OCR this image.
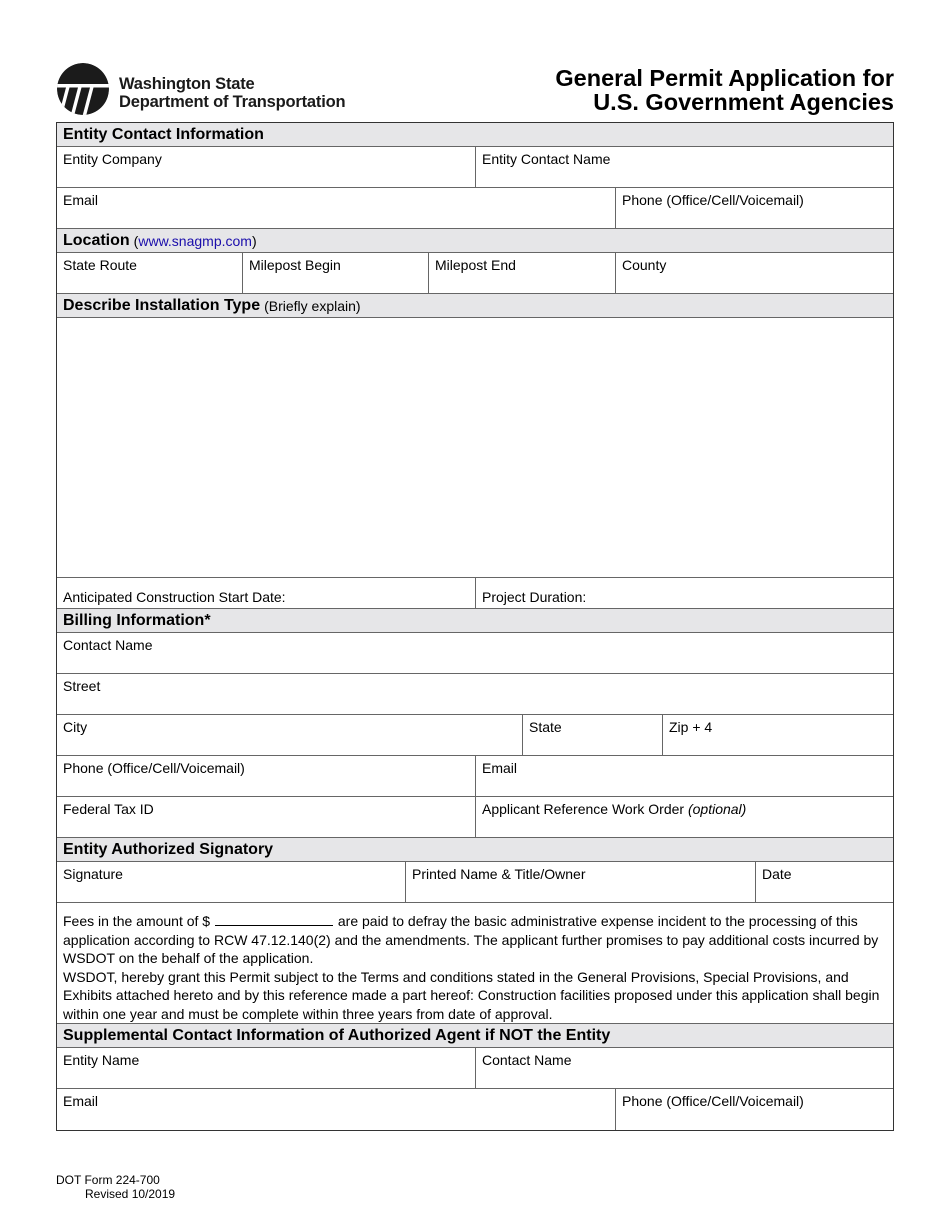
Washington State
Department of Transportation
General Permit Application for
U.S. Government Agencies
Entity Contact Information
Entity Company	Entity Contact Name
Email	Phone (Office/Cell/Voicemail)
Location (www.snagmp.com)
State Route	Milepost Begin	Milepost End	County
Describe Installation Type (Briefly explain)
Anticipated Construction Start Date:	Project Duration:
Billing Information*
Contact Name
Street
City	State	Zip + 4
Phone (Office/Cell/Voicemail)	Email
Federal Tax ID	Applicant Reference Work Order (optional)
Entity Authorized Signatory
Signature	Printed Name & Title/Owner	Date
Fees in the amount of $	are paid to defray the basic administrative expense incident to the processing of this application according to RCW 47.12.140(2) and the amendments. The applicant further promises to pay additional costs incurred by WSDOT on the behalf of the application.
WSDOT, hereby grant this Permit subject to the Terms and conditions stated in the General Provisions, Special Provisions, and Exhibits attached hereto and by this reference made a part hereof: Construction facilities proposed under this application shall begin within one year and must be complete within three years from date of approval.
Supplemental Contact Information of Authorized Agent if NOT the Entity
Entity Name	Contact Name
Email	Phone (Office/Cell/Voicemail)
DOT Form 224-700
Revised 10/2019
